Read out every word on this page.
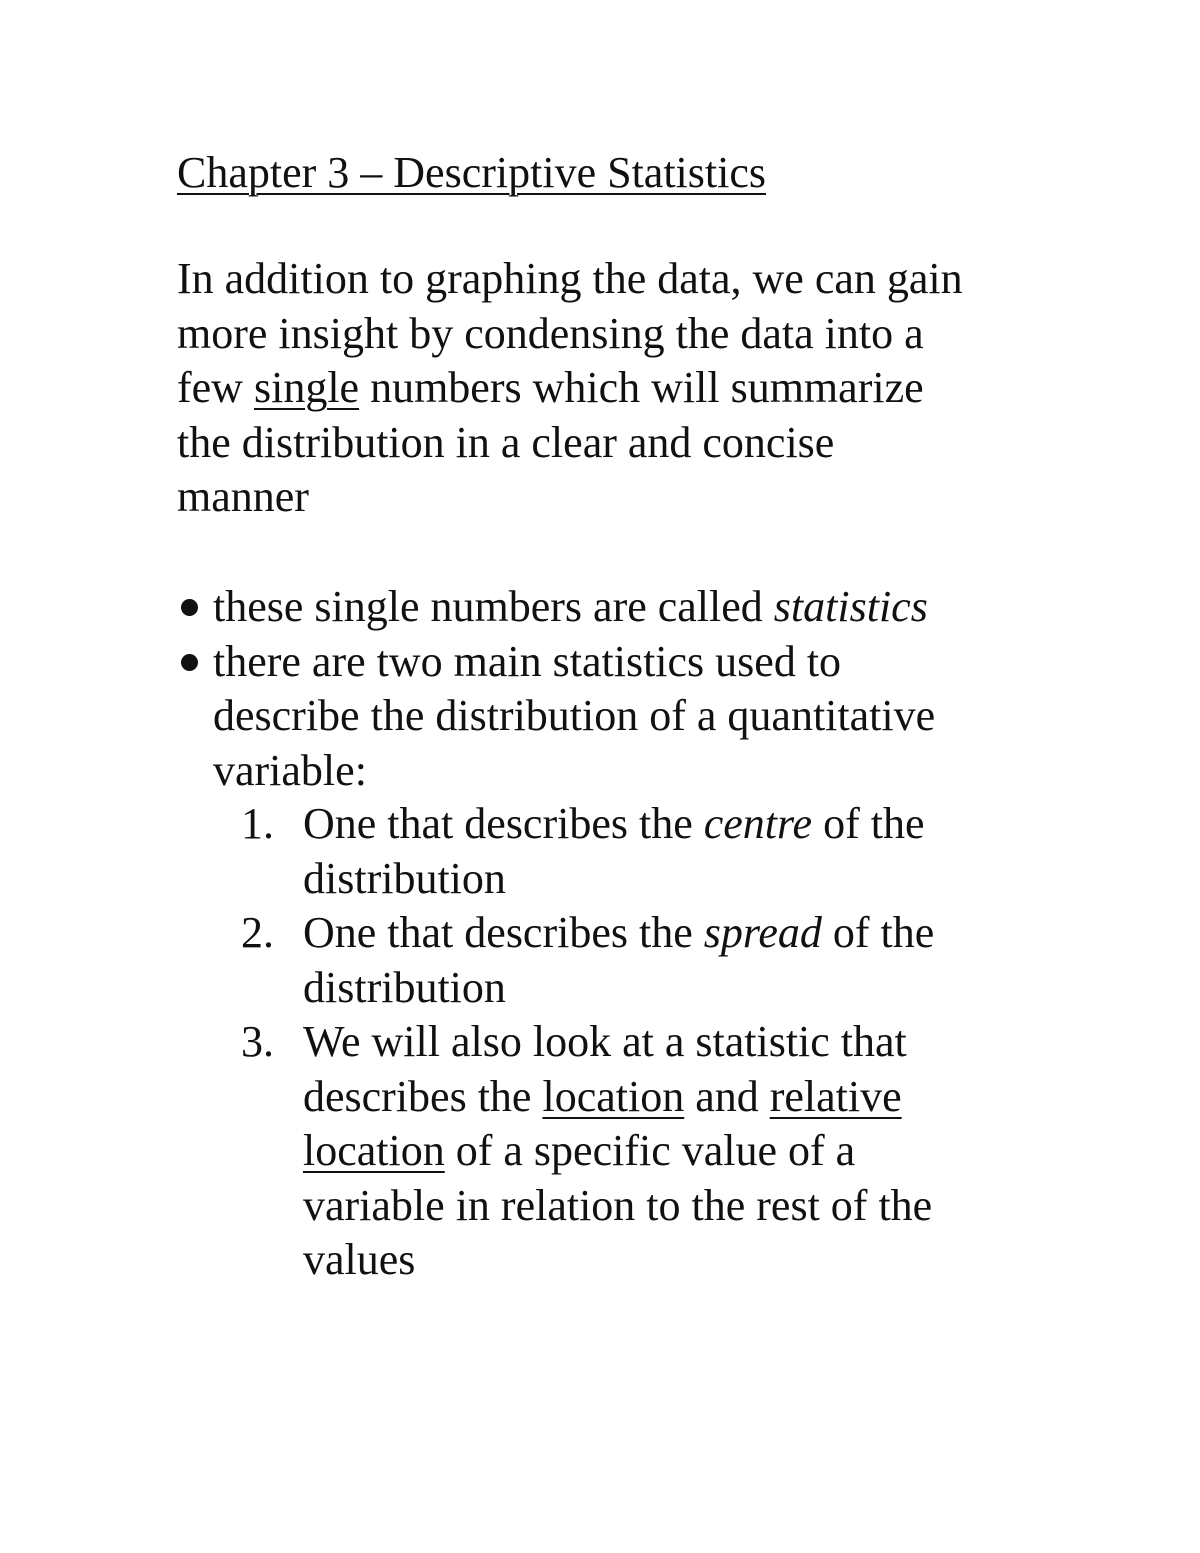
Chapter 3 – Descriptive Statistics

In addition to graphing the data, we can gain
more insight by condensing the data into a
few single numbers which will summarize
the distribution in a clear and concise
manner

these single numbers are called statistics
there are two main statistics used to
describe the distribution of a quantitative
variable:
1. One that describes the centre of the
distribution
2. One that describes the spread of the
distribution
3. We will also look at a statistic that
describes the location and relative
location of a specific value of a
variable in relation to the rest of the
values
